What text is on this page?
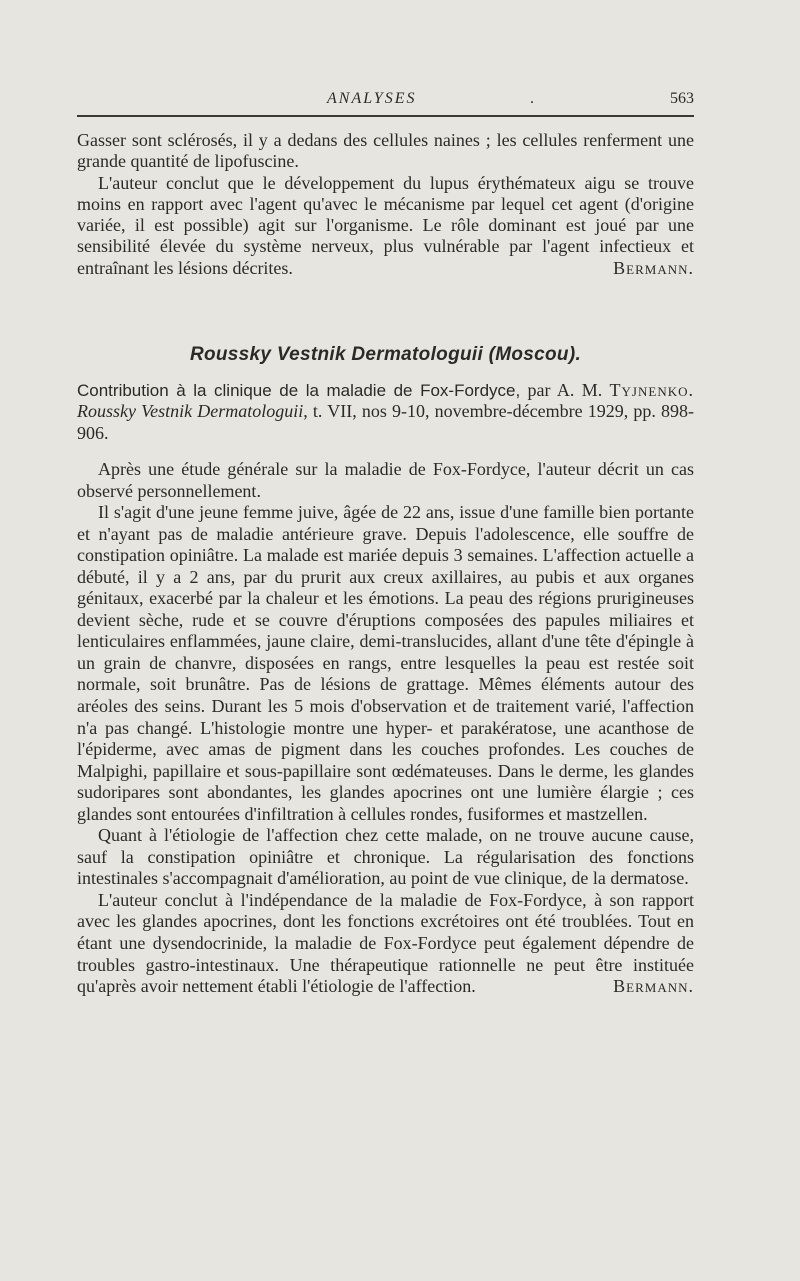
ANALYSES	.	563

Gasser sont sclérosés, il y a dedans des cellules naines ; les cellules renferment une grande quantité de lipofuscine.

L'auteur conclut que le développement du lupus érythémateux aigu se trouve moins en rapport avec l'agent qu'avec le mécanisme par lequel cet agent (d'origine variée, il est possible) agit sur l'organisme. Le rôle dominant est joué par une sensibilité élevée du système nerveux, plus vulnérable par l'agent infectieux et entraînant les lésions décrites.	Bermann.

Roussky Vestnik Dermatologuii (Moscou).
Contribution à la clinique de la maladie de Fox-Fordyce, par A. M. Tyjnenko. Roussky Vestnik Dermatologuii, t. VII, nos 9-10, novembre-décembre 1929, pp. 898-906.

Après une étude générale sur la maladie de Fox-Fordyce, l'auteur décrit un cas observé personnellement.

Il s'agit d'une jeune femme juive, âgée de 22 ans, issue d'une famille bien portante et n'ayant pas de maladie antérieure grave. Depuis l'adolescence, elle souffre de constipation opiniâtre. La malade est mariée depuis 3 semaines. L'affection actuelle a débuté, il y a 2 ans, par du prurit aux creux axillaires, au pubis et aux organes génitaux, exacerbé par la chaleur et les émotions. La peau des régions prurigineuses devient sèche, rude et se couvre d'éruptions composées des papules miliaires et lenticulaires enflammées, jaune claire, demi-translucides, allant d'une tête d'épingle à un grain de chanvre, disposées en rangs, entre lesquelles la peau est restée soit normale, soit brunâtre. Pas de lésions de grattage. Mêmes éléments autour des aréoles des seins. Durant les 5 mois d'observation et de traitement varié, l'affection n'a pas changé. L'histologie montre une hyper- et parakératose, une acanthose de l'épiderme, avec amas de pigment dans les couches profondes. Les couches de Malpighi, papillaire et sous-papillaire sont œdémateuses. Dans le derme, les glandes sudoripares sont abondantes, les glandes apocrines ont une lumière élargie ; ces glandes sont entourées d'infiltration à cellules rondes, fusiformes et mastzellen.

Quant à l'étiologie de l'affection chez cette malade, on ne trouve aucune cause, sauf la constipation opiniâtre et chronique. La régularisation des fonctions intestinales s'accompagnait d'amélioration, au point de vue clinique, de la dermatose.

L'auteur conclut à l'indépendance de la maladie de Fox-Fordyce, à son rapport avec les glandes apocrines, dont les fonctions excrétoires ont été troublées. Tout en étant une dysendocrinide, la maladie de Fox-Fordyce peut également dépendre de troubles gastro-intestinaux. Une thérapeutique rationnelle ne peut être instituée qu'après avoir nettement établi l'étiologie de l'affection.	Bermann.
